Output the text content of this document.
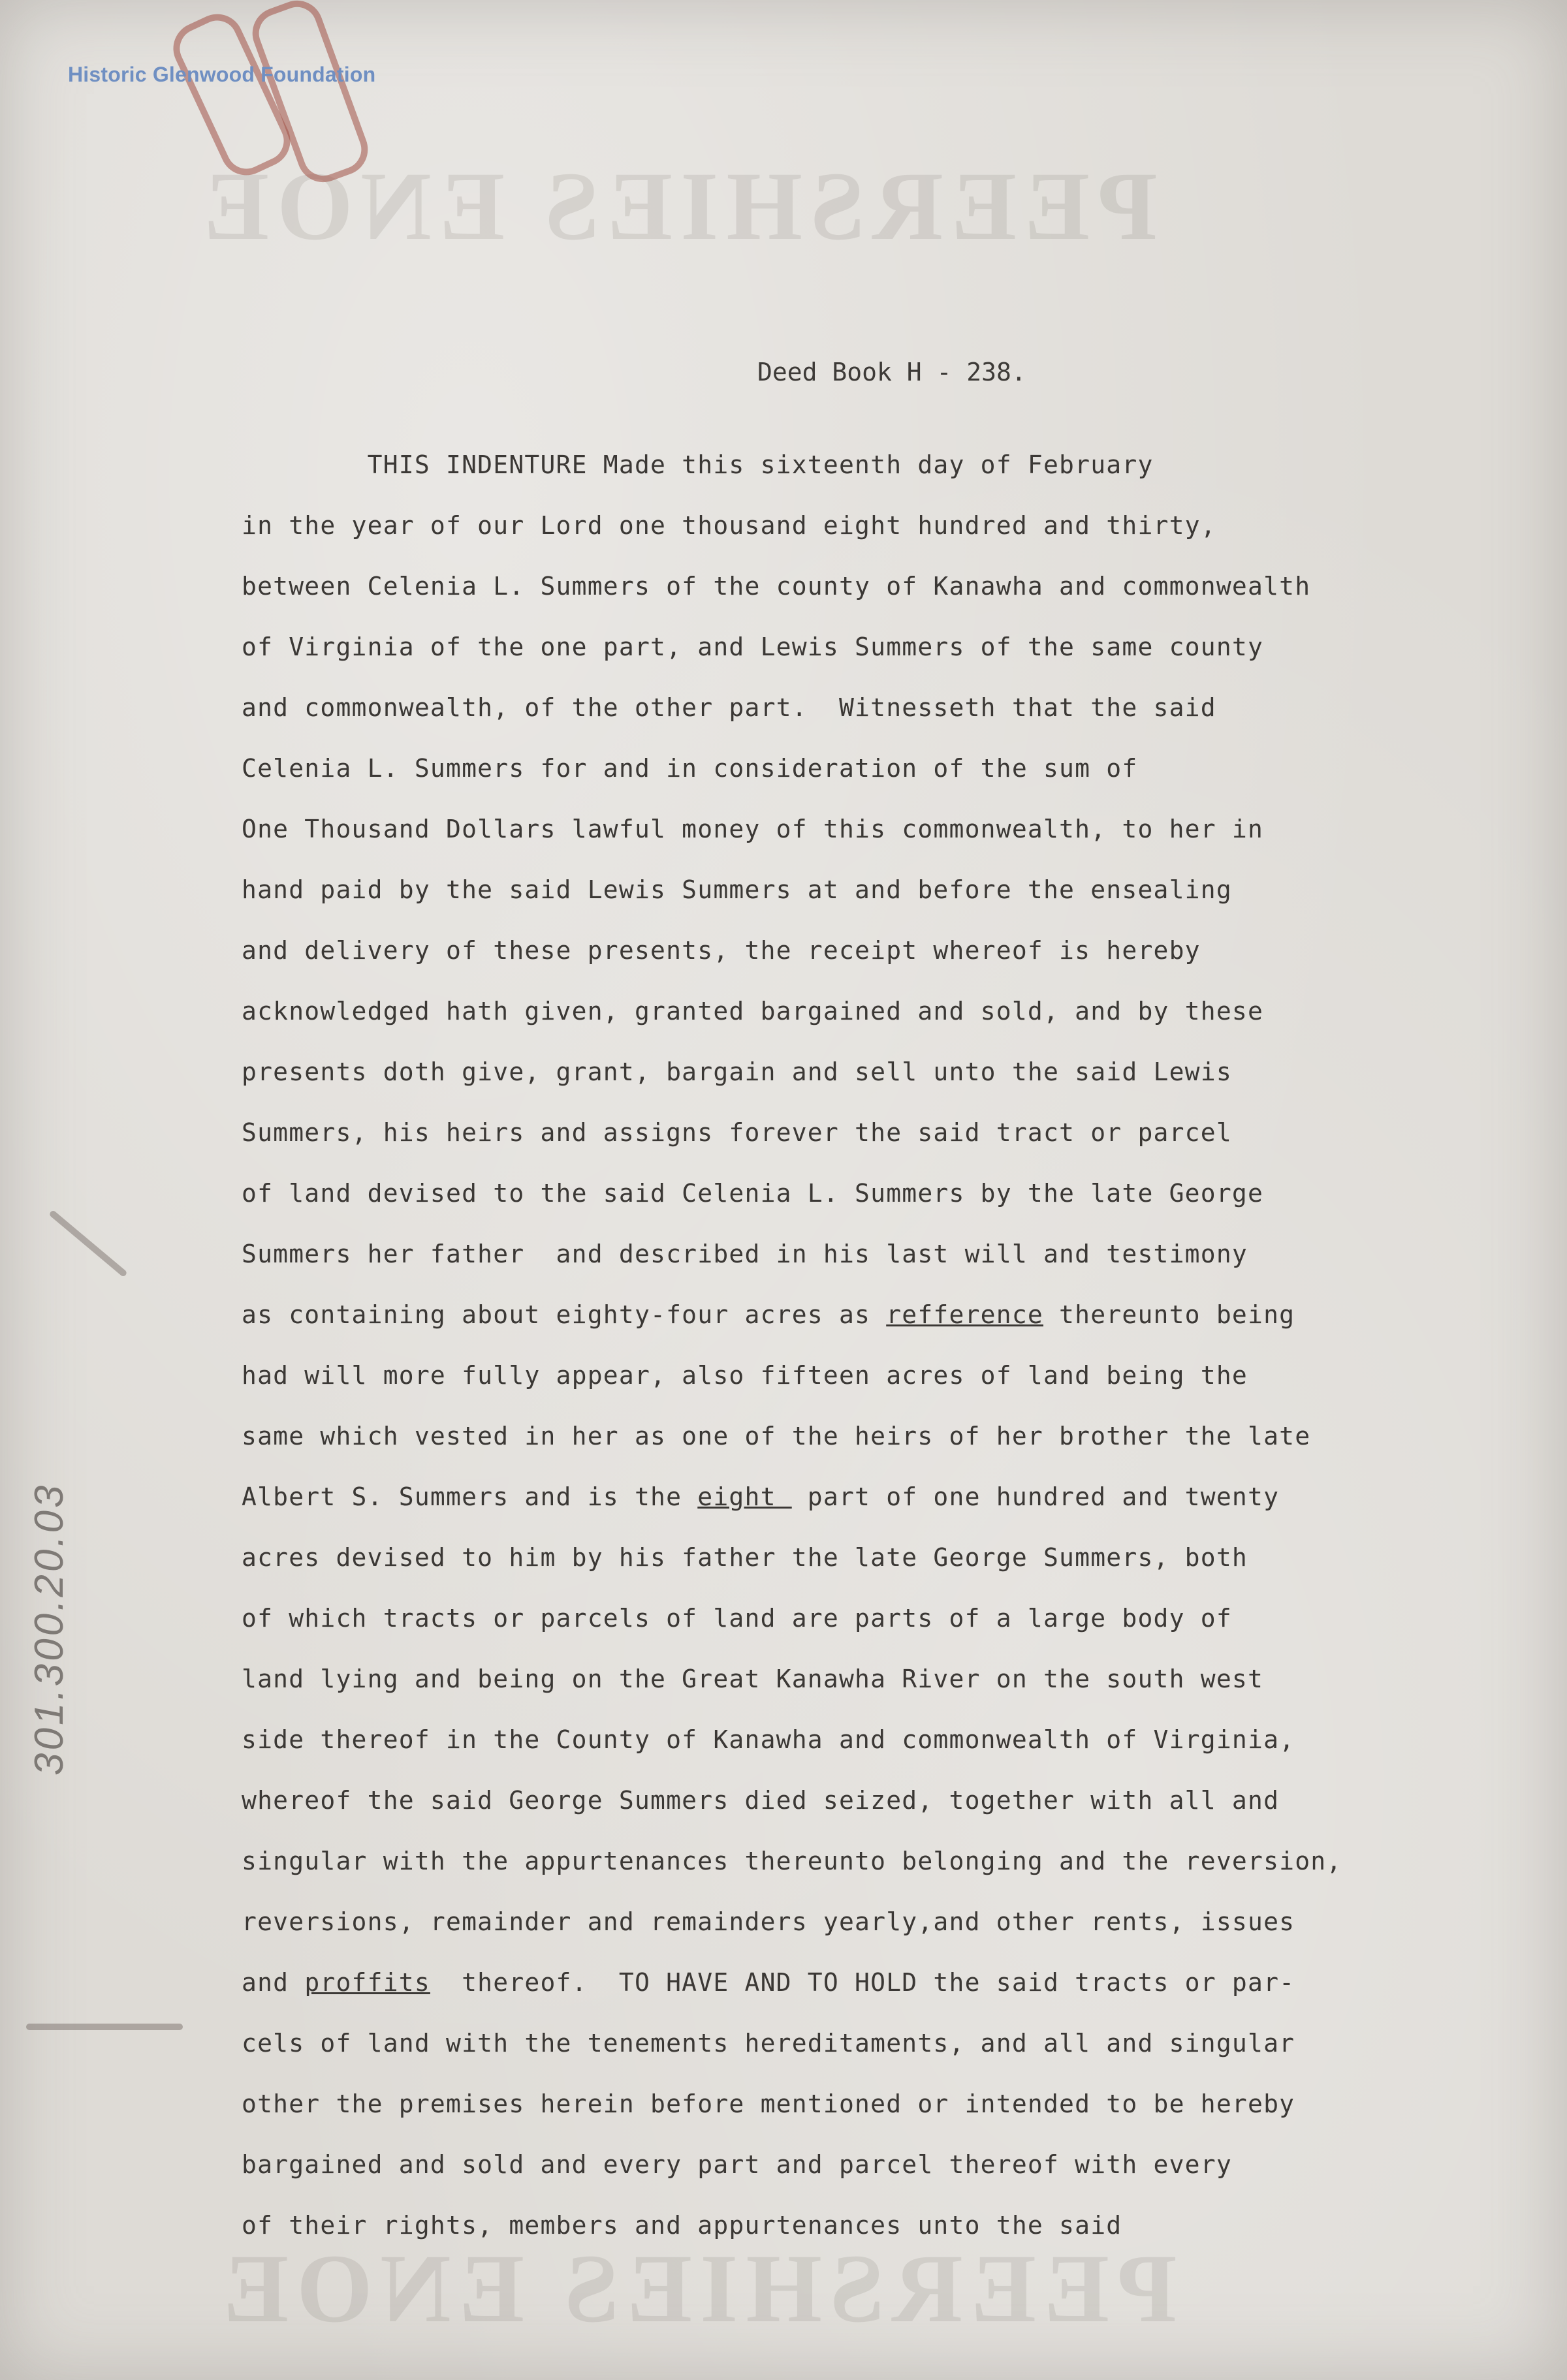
PEERSHIES ENOE
PEERSHIES ENOE
Historic Glenwood Foundation
301.300.20.03
Deed Book H - 238.
THIS INDENTURE Made this sixteenth day of February
in the year of our Lord one thousand eight hundred and thirty,
between Celenia L. Summers of the county of Kanawha and commonwealth
of Virginia of the one part, and Lewis Summers of the same county
and commonwealth, of the other part.  Witnesseth that the said
Celenia L. Summers for and in consideration of the sum of
One Thousand Dollars lawful money of this commonwealth, to her in
hand paid by the said Lewis Summers at and before the ensealing
and delivery of these presents, the receipt whereof is hereby
acknowledged hath given, granted bargained and sold, and by these
presents doth give, grant, bargain and sell unto the said Lewis
Summers, his heirs and assigns forever the said tract or parcel
of land devised to the said Celenia L. Summers by the late George
Summers her father  and described in his last will and testimony
as containing about eighty-four acres as refference thereunto being
had will more fully appear, also fifteen acres of land being the
same which vested in her as one of the heirs of her brother the late
Albert S. Summers and is the eight  part of one hundred and twenty
acres devised to him by his father the late George Summers, both
of which tracts or parcels of land are parts of a large body of
land lying and being on the Great Kanawha River on the south west
side thereof in the County of Kanawha and commonwealth of Virginia,
whereof the said George Summers died seized, together with all and
singular with the appurtenances thereunto belonging and the reversion,
reversions, remainder and remainders yearly,and other rents, issues
and proffits  thereof.  TO HAVE AND TO HOLD the said tracts or par-
cels of land with the tenements hereditaments, and all and singular
other the premises herein before mentioned or intended to be hereby
bargained and sold and every part and parcel thereof with every
of their rights, members and appurtenances unto the said
